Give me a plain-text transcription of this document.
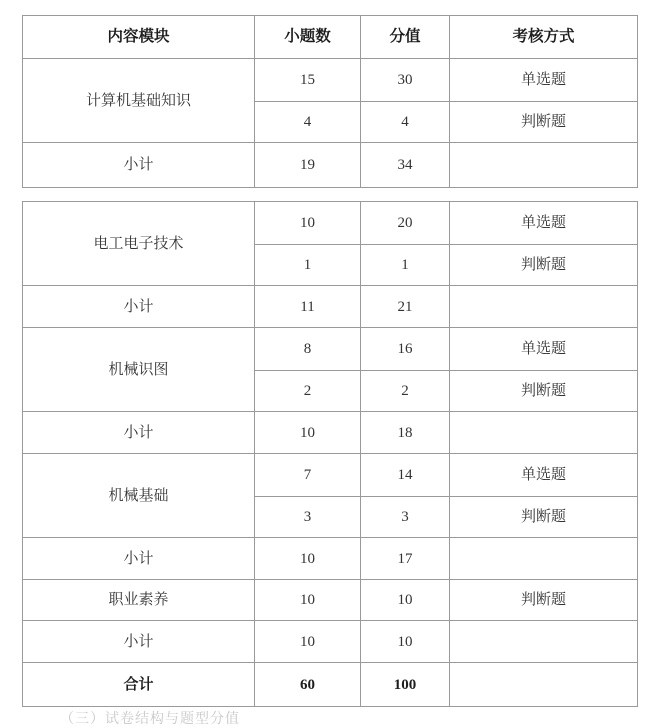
内容模块	小题数	分值	考核方式
计算机基础知识	15	30	单选题
	4	4	判断题
小计	19	34	
电工电子技术	10	20	单选题
	1	1	判断题
小计	11	21	
机械识图	8	16	单选题
	2	2	判断题
小计	10	18	
机械基础	7	14	单选题
	3	3	判断题
小计	10	17	
职业素养	10	10	判断题
小计	10	10	
合计	60	100	
（三）试卷结构与题型分值
